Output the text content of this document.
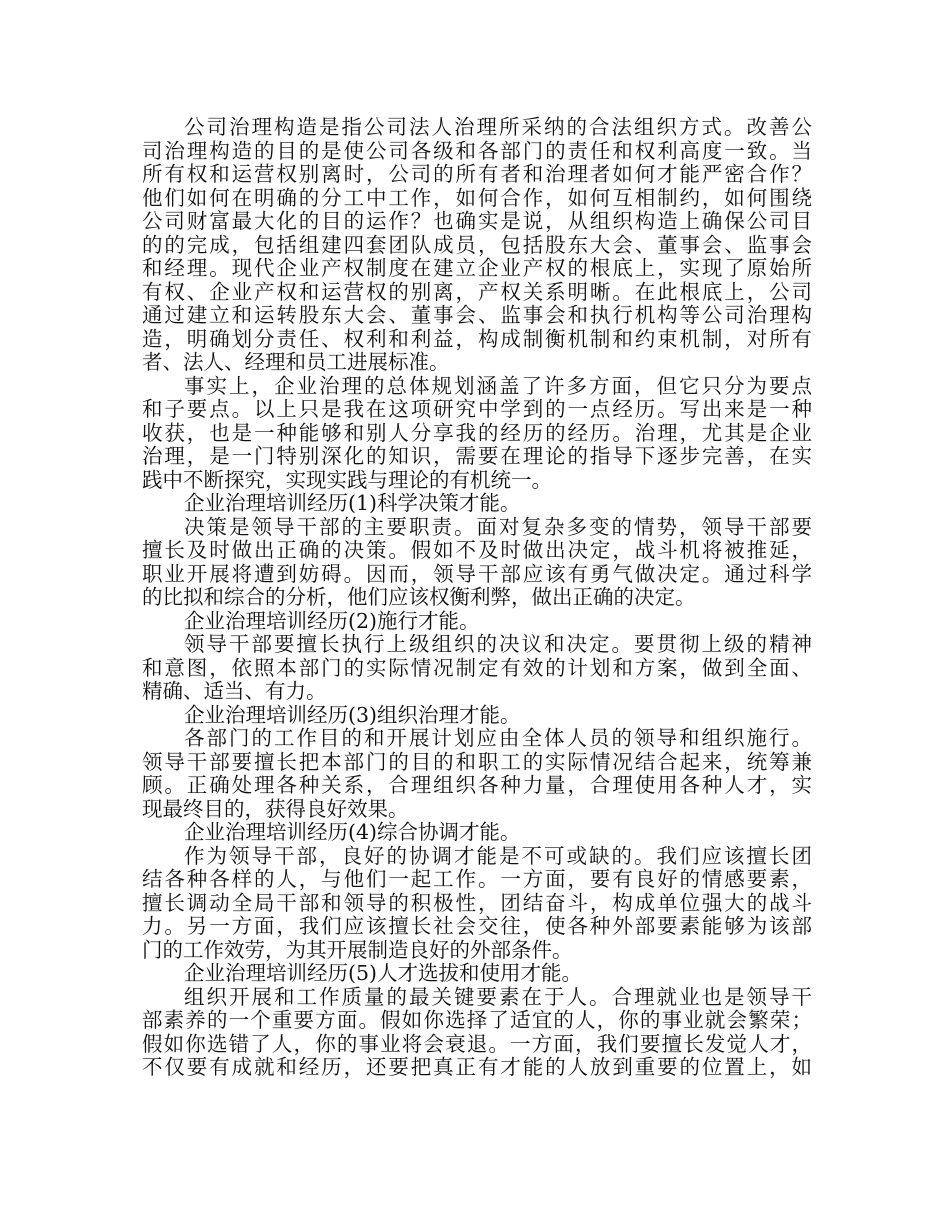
公司治理构造是指公司法人治理所采纳的合法组织方式。改善公
司治理构造的目的是使公司各级和各部门的责任和权利高度一致。当
所有权和运营权别离时，公司的所有者和治理者如何才能严密合作？
他们如何在明确的分工中工作，如何合作，如何互相制约，如何围绕
公司财富最大化的目的运作？也确实是说，从组织构造上确保公司目
的的完成，包括组建四套团队成员，包括股东大会、董事会、监事会
和经理。现代企业产权制度在建立企业产权的根底上，实现了原始所
有权、企业产权和运营权的别离，产权关系明晰。在此根底上，公司
通过建立和运转股东大会、董事会、监事会和执行机构等公司治理构
造，明确划分责任、权利和利益，构成制衡机制和约束机制，对所有
者、法人、经理和员工进展标准。
事实上，企业治理的总体规划涵盖了许多方面，但它只分为要点
和子要点。以上只是我在这项研究中学到的一点经历。写出来是一种
收获，也是一种能够和别人分享我的经历的经历。治理，尤其是企业
治理，是一门特别深化的知识，需要在理论的指导下逐步完善，在实
践中不断探究，实现实践与理论的有机统一。
企业治理培训经历(1)科学决策才能。
决策是领导干部的主要职责。面对复杂多变的情势，领导干部要
擅长及时做出正确的决策。假如不及时做出决定，战斗机将被推延，
职业开展将遭到妨碍。因而，领导干部应该有勇气做决定。通过科学
的比拟和综合的分析，他们应该权衡利弊，做出正确的决定。
企业治理培训经历(2)施行才能。
领导干部要擅长执行上级组织的决议和决定。要贯彻上级的精神
和意图，依照本部门的实际情况制定有效的计划和方案，做到全面、
精确、适当、有力。
企业治理培训经历(3)组织治理才能。
各部门的工作目的和开展计划应由全体人员的领导和组织施行。
领导干部要擅长把本部门的目的和职工的实际情况结合起来，统筹兼
顾。正确处理各种关系，合理组织各种力量，合理使用各种人才，实
现最终目的，获得良好效果。
企业治理培训经历(4)综合协调才能。
作为领导干部，良好的协调才能是不可或缺的。我们应该擅长团
结各种各样的人，与他们一起工作。一方面，要有良好的情感要素，
擅长调动全局干部和领导的积极性，团结奋斗，构成单位强大的战斗
力。另一方面，我们应该擅长社会交往，使各种外部要素能够为该部
门的工作效劳，为其开展制造良好的外部条件。
企业治理培训经历(5)人才选拔和使用才能。
组织开展和工作质量的最关键要素在于人。合理就业也是领导干
部素养的一个重要方面。假如你选择了适宜的人，你的事业就会繁荣；
假如你选错了人，你的事业将会衰退。一方面，我们要擅长发觉人才，
不仅要有成就和经历，还要把真正有才能的人放到重要的位置上，如
